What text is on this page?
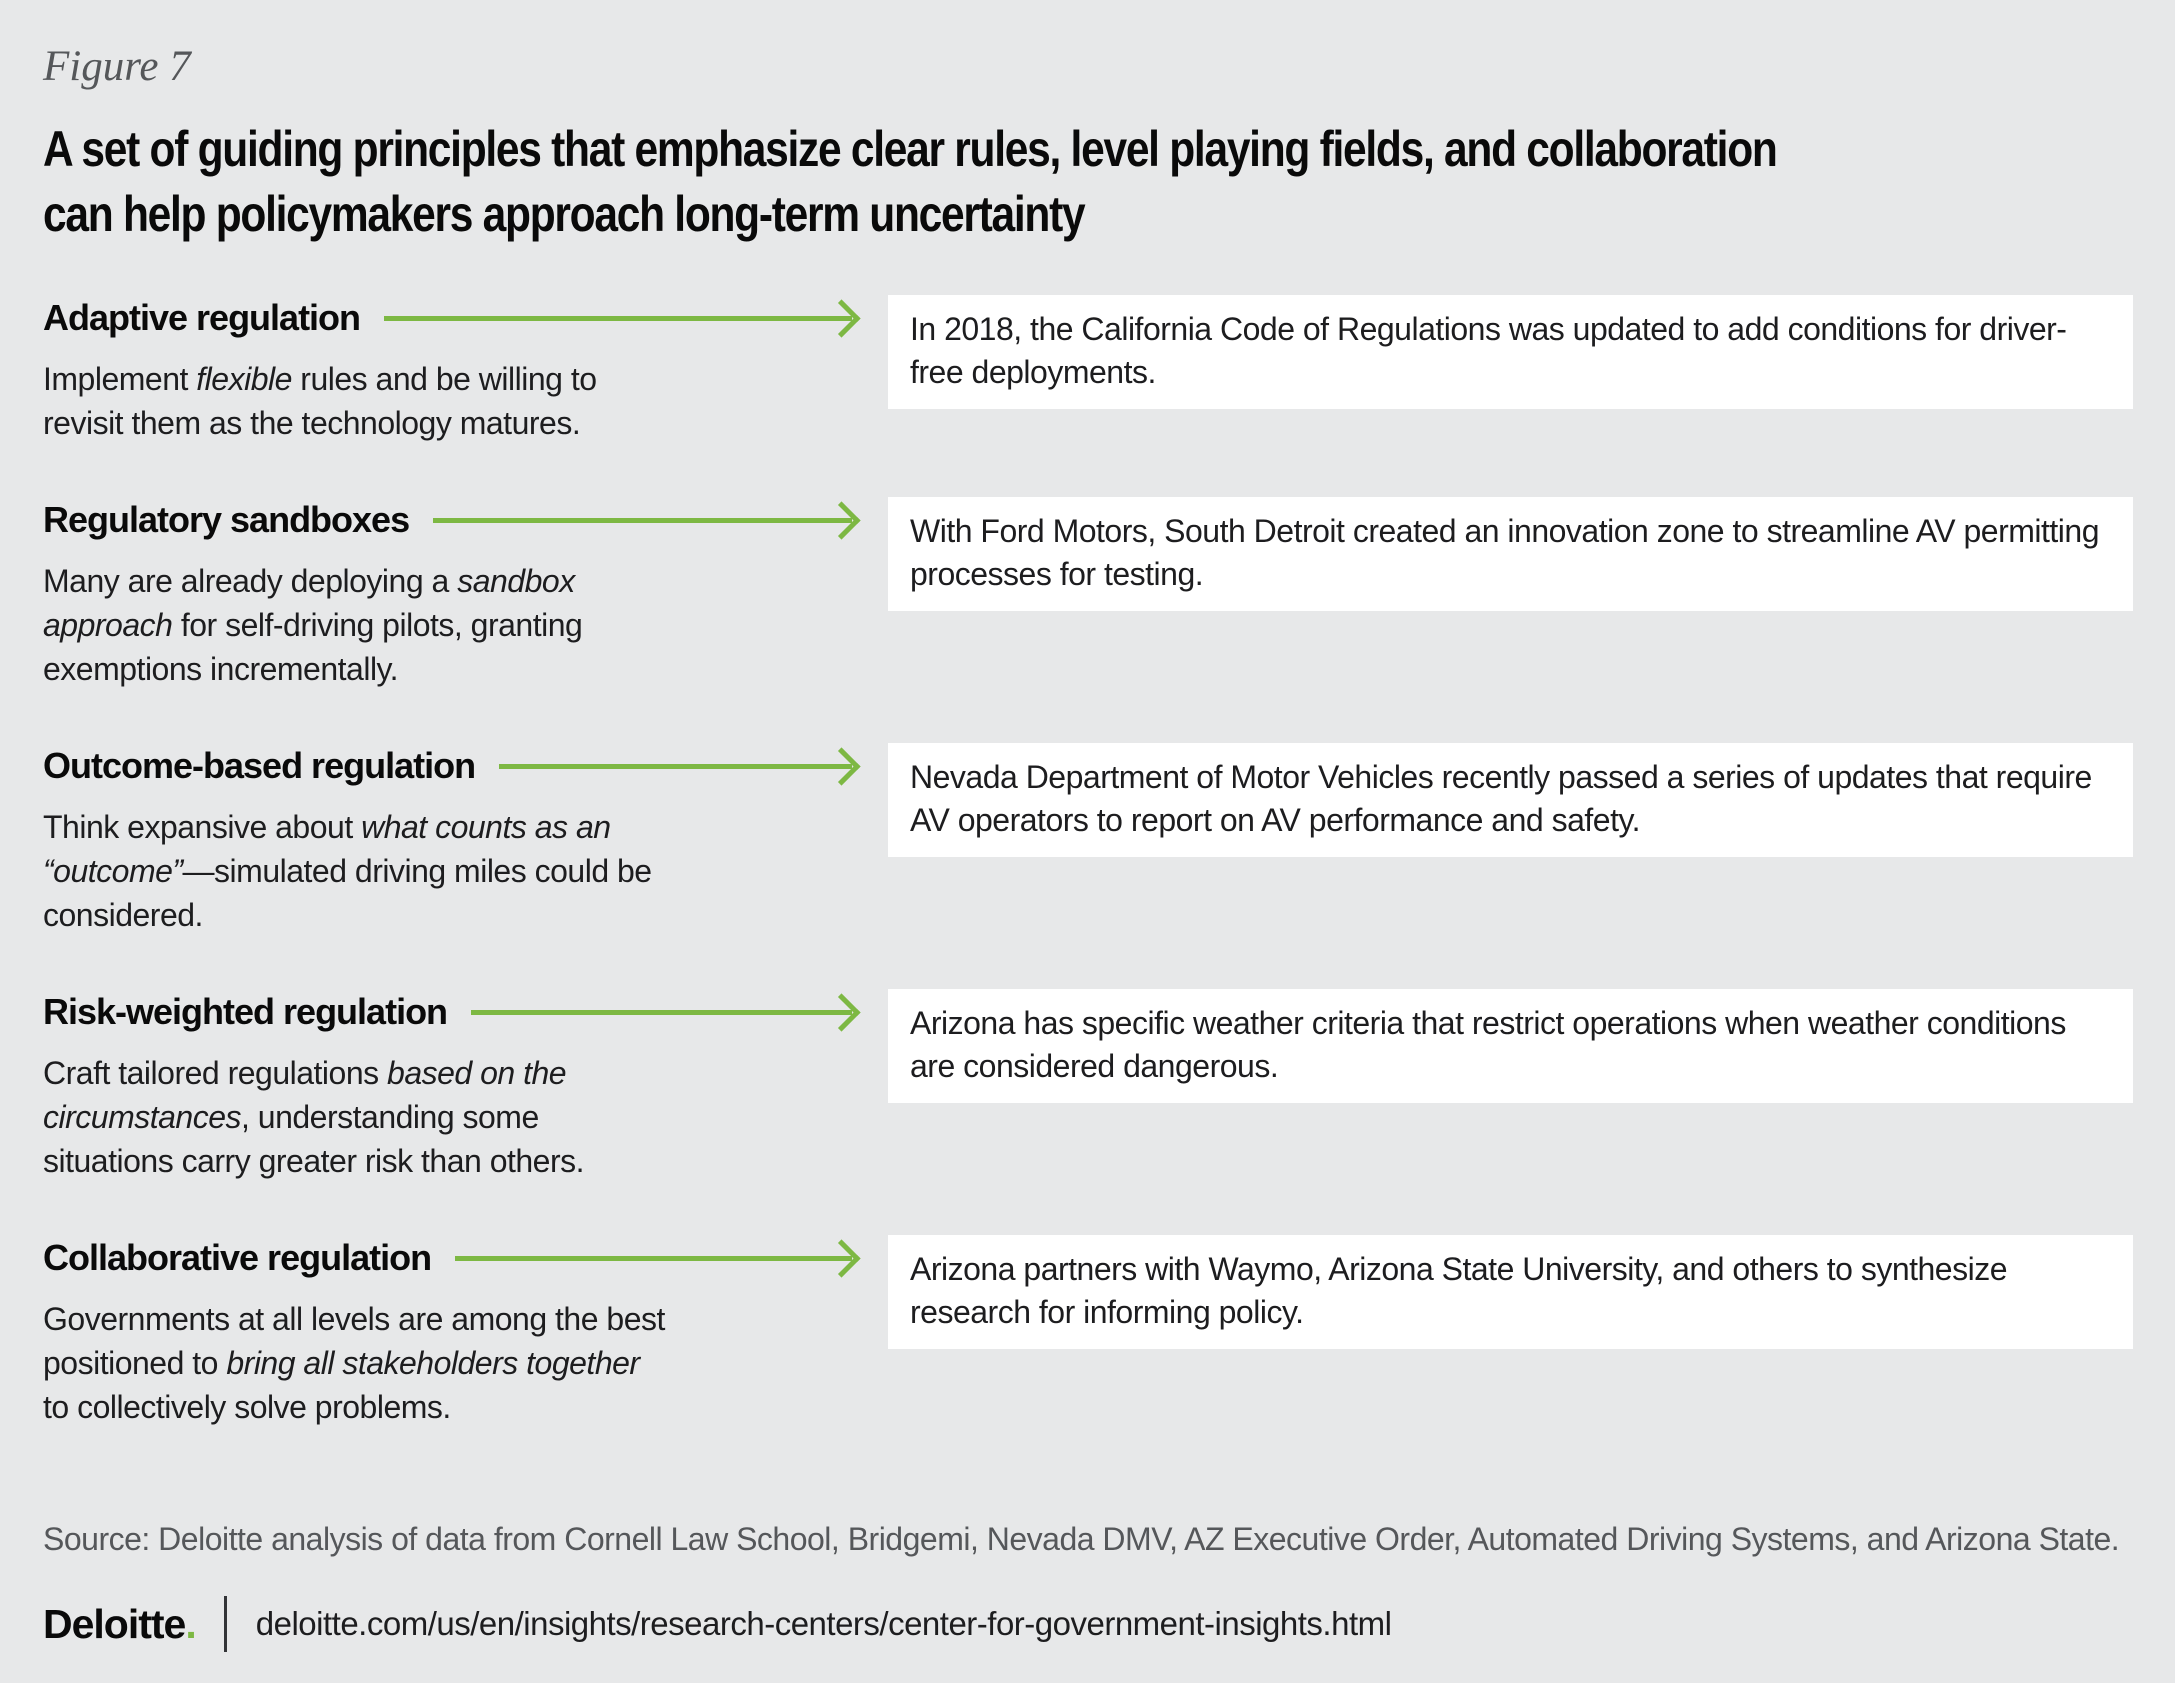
Figure 7
A set of guiding principles that emphasize clear rules, level playing fields, and collaboration
can help policymakers approach long-term uncertainty
Adaptive regulation

Implement flexible rules and be willing to revisit them as the technology matures.

In 2018, the California Code of Regulations was updated to add conditions for driver-free deployments.
Regulatory sandboxes

Many are already deploying a sandbox approach for self-driving pilots, granting exemptions incrementally.

With Ford Motors, South Detroit created an innovation zone to streamline AV permitting processes for testing.
Outcome-based regulation

Think expansive about what counts as an “outcome”—simulated driving miles could be considered.

Nevada Department of Motor Vehicles recently passed a series of updates that require AV operators to report on AV performance and safety.
Risk-weighted regulation

Craft tailored regulations based on the circumstances, understanding some situations carry greater risk than others.

Arizona has specific weather criteria that restrict operations when weather conditions are considered dangerous.
Collaborative regulation

Governments at all levels are among the best positioned to bring all stakeholders together to collectively solve problems.

Arizona partners with Waymo, Arizona State University, and others to synthesize research for informing policy.
Source: Deloitte analysis of data from Cornell Law School, Bridgemi, Nevada DMV, AZ Executive Order, Automated Driving Systems, and Arizona State.
Deloitte. deloitte.com/us/en/insights/research-centers/center-for-government-insights.html
